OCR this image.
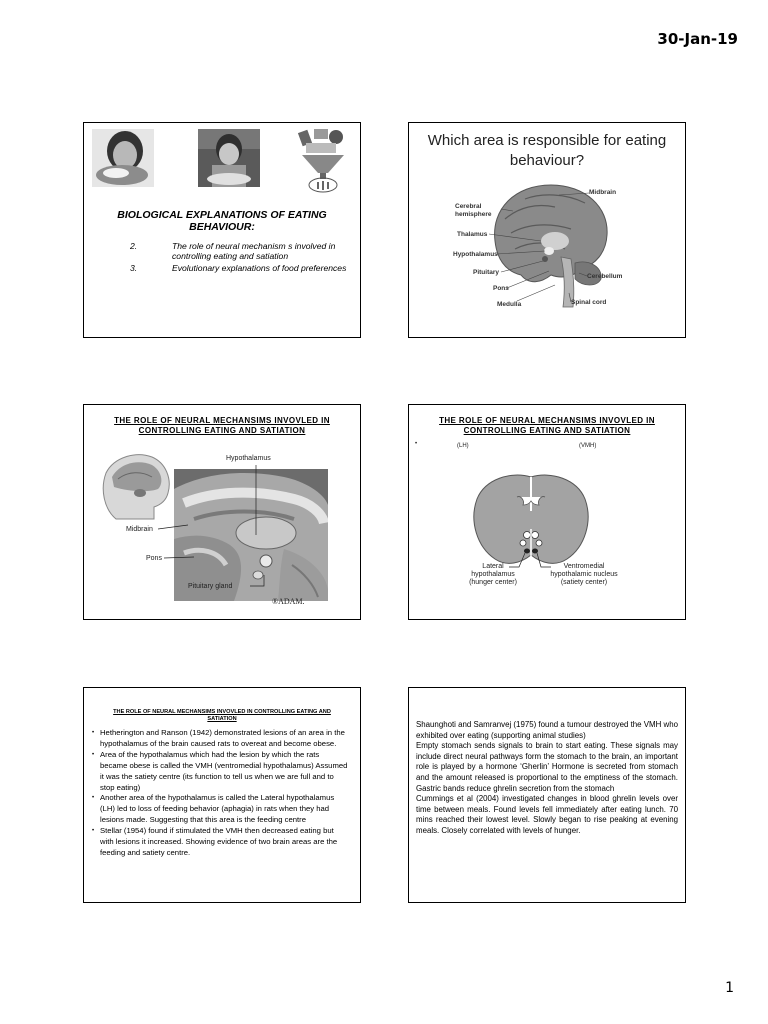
30-Jan-19
BIOLOGICAL EXPLANATIONS OF EATING BEHAVIOUR:
2.	The role of neural mechanism s involved in controlling eating and satiation
3.	Evolutionary explanations of food preferences
Which area is responsible for eating behaviour?
Midbrain
Cerebral hemisphere
Thalamus
Hypothalamus
Pituitary
Pons
Medulla	Spinal cord
Cerebellum
THE ROLE OF NEURAL MECHANSIMS INVOVLED IN CONTROLLING EATING AND SATIATION
Hypothalamus
Midbrain
Pons
Pituitary gland
®ADAM.
THE ROLE OF NEURAL MECHANSIMS INVOVLED IN CONTROLLING EATING AND SATIATION
•	(LH)	(VMH)
Lateral hypothalamus (hunger center)
Ventromedial hypothalamic nucleus (satiety center)
THE ROLE OF NEURAL MECHANSIMS INVOVLED IN CONTROLLING EATING AND SATIATION
• Hetherington and Ranson (1942) demonstrated lesions of an area in the hypothalamus of the brain caused rats to overeat and become obese.
• Area of the hypothalamus which had the lesion by which the rats became obese is called the VMH (ventromedial hypothalamus) Assumed it was the satiety centre (its function to tell us when we are full and to stop eating)
• Another area of the hypothalamus is called the Lateral hypothalamus (LH) led to loss of feeding behavior (aphagia) in rats when they had lesions made. Suggesting that this area is the feeding centre
• Stellar (1954) found if stimulated the VMH then decreased eating but with lesions it increased. Showing evidence of two brain areas are the feeding and satiety centre.

Shaunghoti and Samranvej (1975) found a tumour destroyed the VMH who exhibited over eating (supporting animal studies)

Empty stomach sends signals to brain to start eating. These signals may include direct neural pathways form the stomach to the brain, an important role is played by a hormone ‘Gherlin’ Hormone is secreted from stomach and the amount released is proportional to the emptiness of the stomach. Gastric bands reduce ghrelin secretion from the stomach

Cummings et al (2004) investigated changes in blood ghrelin levels over time between meals. Found levels fell immediately after eating lunch. 70 mins reached their lowest level. Slowly began to rise peaking at evening meals. Closely correlated with levels of hunger.

1
